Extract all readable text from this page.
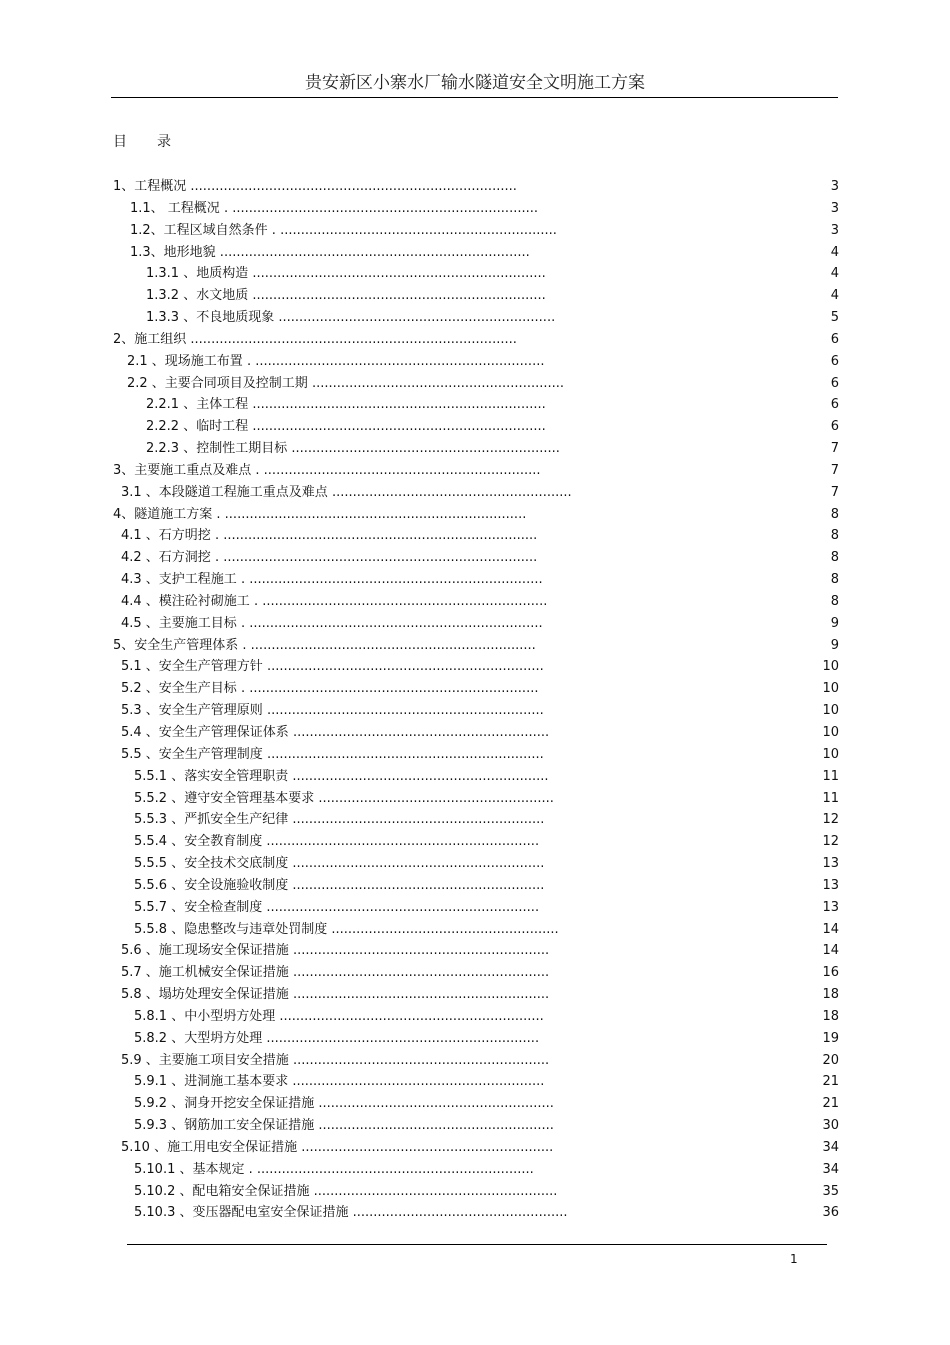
贵安新区小寨水厂输水隧道安全文明施工方案
目 录
1、工程概况 ...............................................................................	3
1.1、 工程概况 . ..........................................................................	3
1.2、工程区域自然条件 . ...................................................................	3
1.3、地形地貌 ...........................................................................	4
1.3.1 、地质构造 .......................................................................	4
1.3.2 、水文地质 .......................................................................	4
1.3.3 、不良地质现象 ...................................................................	5
2、施工组织 ...............................................................................	6
2.1 、现场施工布置 . ......................................................................	6
2.2 、主要合同项目及控制工期 .............................................................	6
2.2.1 、主体工程 .......................................................................	6
2.2.2 、临时工程 .......................................................................	6
2.2.3 、控制性工期目标 .................................................................	7
3、主要施工重点及难点 . ...................................................................	7
3.1 、本段隧道工程施工重点及难点 ..........................................................	7
4、隧道施工方案 . .........................................................................	8
4.1 、石方明挖 . ............................................................................	8
4.2 、石方洞挖 . ............................................................................	8
4.3 、支护工程施工 . .......................................................................	8
4.4 、模注砼衬砌施工 . .....................................................................	8
4.5 、主要施工目标 . .......................................................................	9
5、安全生产管理体系 . .....................................................................	9
5.1 、安全生产管理方针 ...................................................................	10
5.2 、安全生产目标 . ......................................................................	10
5.3 、安全生产管理原则 ...................................................................	10
5.4 、安全生产管理保证体系 ..............................................................	10
5.5 、安全生产管理制度 ...................................................................	10
5.5.1 、落实安全管理职责 ..............................................................	11
5.5.2 、遵守安全管理基本要求 .........................................................	11
5.5.3 、严抓安全生产纪律 .............................................................	12
5.5.4 、安全教育制度 ..................................................................	12
5.5.5 、安全技术交底制度 .............................................................	13
5.5.6 、安全设施验收制度 .............................................................	13
5.5.7 、安全检查制度 ..................................................................	13
5.5.8 、隐患整改与违章处罚制度 .......................................................	14
5.6 、施工现场安全保证措施 ..............................................................	14
5.7 、施工机械安全保证措施 ..............................................................	16
5.8 、塌坊处理安全保证措施 ..............................................................	18
5.8.1 、中小型坍方处理 ................................................................	18
5.8.2 、大型坍方处理 ..................................................................	19
5.9 、主要施工项目安全措施 ..............................................................	20
5.9.1 、进洞施工基本要求 .............................................................	21
5.9.2 、洞身开挖安全保证措施 .........................................................	21
5.9.3 、钢筋加工安全保证措施 .........................................................	30
5.10 、施工用电安全保证措施 .............................................................	34
5.10.1 、基本规定 . ...................................................................	34
5.10.2 、配电箱安全保证措施 ...........................................................	35
5.10.3 、变压器配电室安全保证措施 ....................................................	36
1
